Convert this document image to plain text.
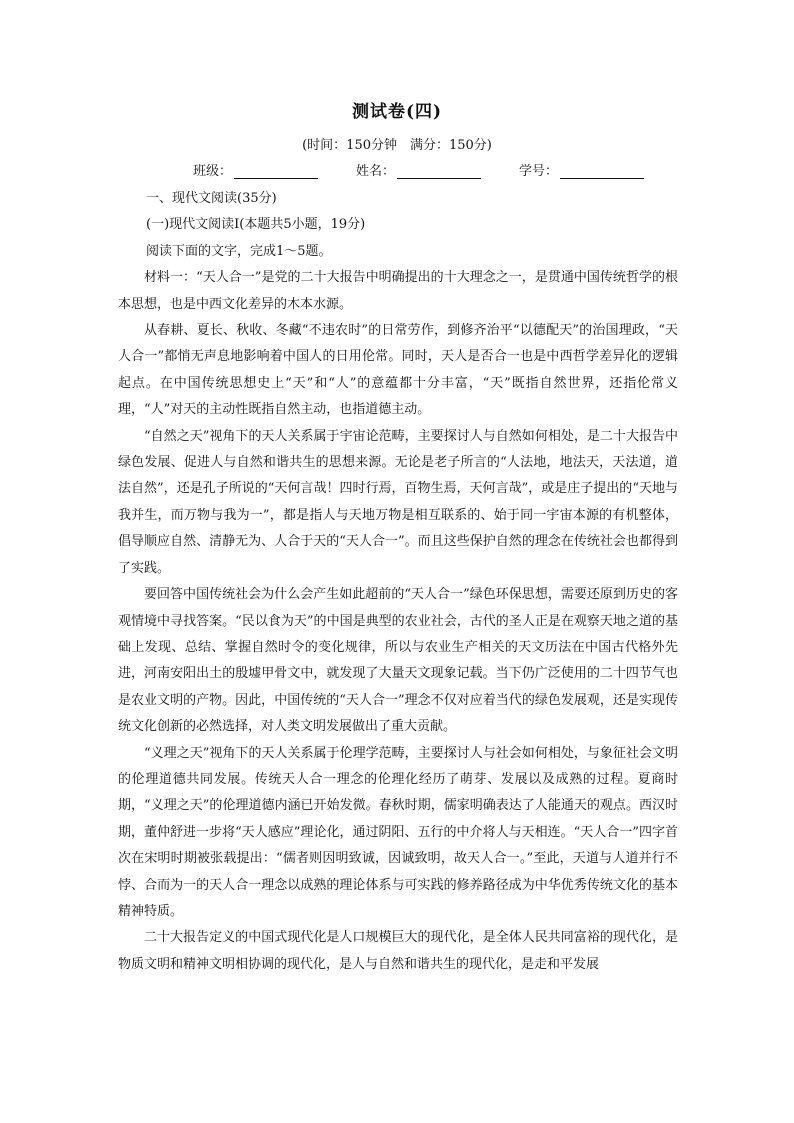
测试卷(四)
(时间：150分钟　满分：150分)
班级：	姓名：	学号：

一、现代文阅读(35分)

(一)现代文阅读Ⅰ(本题共5小题，19分)

阅读下面的文字，完成1～5题。

材料一：“天人合一”是党的二十大报告中明确提出的十大理念之一，是贯通中国传统哲学的根本思想，也是中西文化差异的木本水源。

从春耕、夏长、秋收、冬藏“不违农时”的日常劳作，到修齐治平“以德配天”的治国理政，“天人合一”都悄无声息地影响着中国人的日用伦常。同时，天人是否合一也是中西哲学差异化的逻辑起点。在中国传统思想史上“天”和“人”的意蕴都十分丰富，“天”既指自然世界，还指伦常义理，“人”对天的主动性既指自然主动，也指道德主动。

“自然之天”视角下的天人关系属于宇宙论范畴，主要探讨人与自然如何相处，是二十大报告中绿色发展、促进人与自然和谐共生的思想来源。无论是老子所言的“人法地，地法天，天法道，道法自然”，还是孔子所说的“天何言哉！四时行焉，百物生焉，天何言哉”，或是庄子提出的“天地与我并生，而万物与我为一”，都是指人与天地万物是相互联系的、始于同一宇宙本源的有机整体，倡导顺应自然、清静无为、人合于天的“天人合一”。而且这些保护自然的理念在传统社会也都得到了实践。

要回答中国传统社会为什么会产生如此超前的“天人合一”绿色环保思想，需要还原到历史的客观情境中寻找答案。“民以食为天”的中国是典型的农业社会，古代的圣人正是在观察天地之道的基础上发现、总结、掌握自然时令的变化规律，所以与农业生产相关的天文历法在中国古代格外先进，河南安阳出土的殷墟甲骨文中，就发现了大量天文现象记载。当下仍广泛使用的二十四节气也是农业文明的产物。因此，中国传统的“天人合一”理念不仅对应着当代的绿色发展观，还是实现传统文化创新的必然选择，对人类文明发展做出了重大贡献。

“义理之天”视角下的天人关系属于伦理学范畴，主要探讨人与社会如何相处，与象征社会文明的伦理道德共同发展。传统天人合一理念的伦理化经历了萌芽、发展以及成熟的过程。夏商时期，“义理之天”的伦理道德内涵已开始发微。春秋时期，儒家明确表达了人能通天的观点。西汉时期，董仲舒进一步将“天人感应”理论化，通过阴阳、五行的中介将人与天相连。“天人合一”四字首次在宋明时期被张载提出：“儒者则因明致诚，因诚致明，故天人合一。”至此，天道与人道并行不悖、合而为一的天人合一理念以成熟的理论体系与可实践的修养路径成为中华优秀传统文化的基本精神特质。

二十大报告定义的中国式现代化是人口规模巨大的现代化，是全体人民共同富裕的现代化，是物质文明和精神文明相协调的现代化，是人与自然和谐共生的现代化，是走和平发展
